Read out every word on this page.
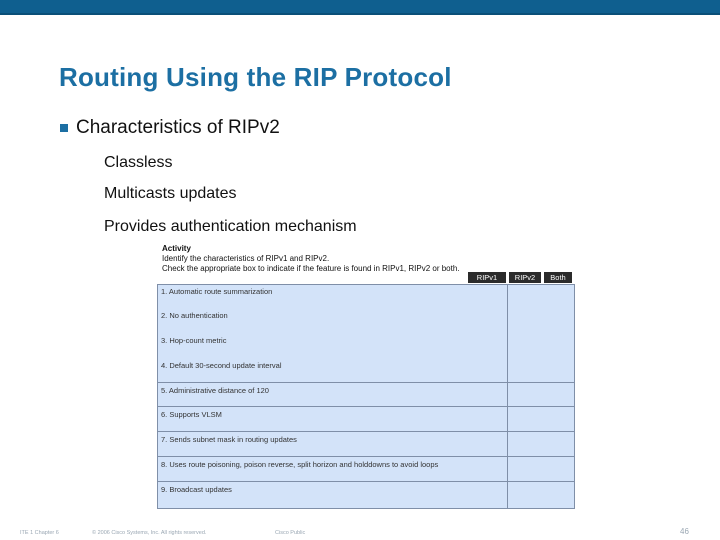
Routing Using the RIP Protocol
Characteristics of RIPv2
Classless
Multicasts updates
Provides authentication mechanism
Activity
Identify the characteristics of RIPv1 and RIPv2.
Check the appropriate box to indicate if the feature is found in RIPv1, RIPv2 or both.
RIPv1	RIPv2	Both
1. Automatic route summarization
2. No authentication
3. Hop-count metric
4. Default 30-second update interval
5. Administrative distance of 120
6. Supports VLSM
7. Sends subnet mask in routing updates
8. Uses route poisoning, poison reverse, split horizon and holddowns to avoid loops
9. Broadcast updates
ITE 1 Chapter 6	© 2006 Cisco Systems, Inc. All rights reserved.	Cisco Public	46
